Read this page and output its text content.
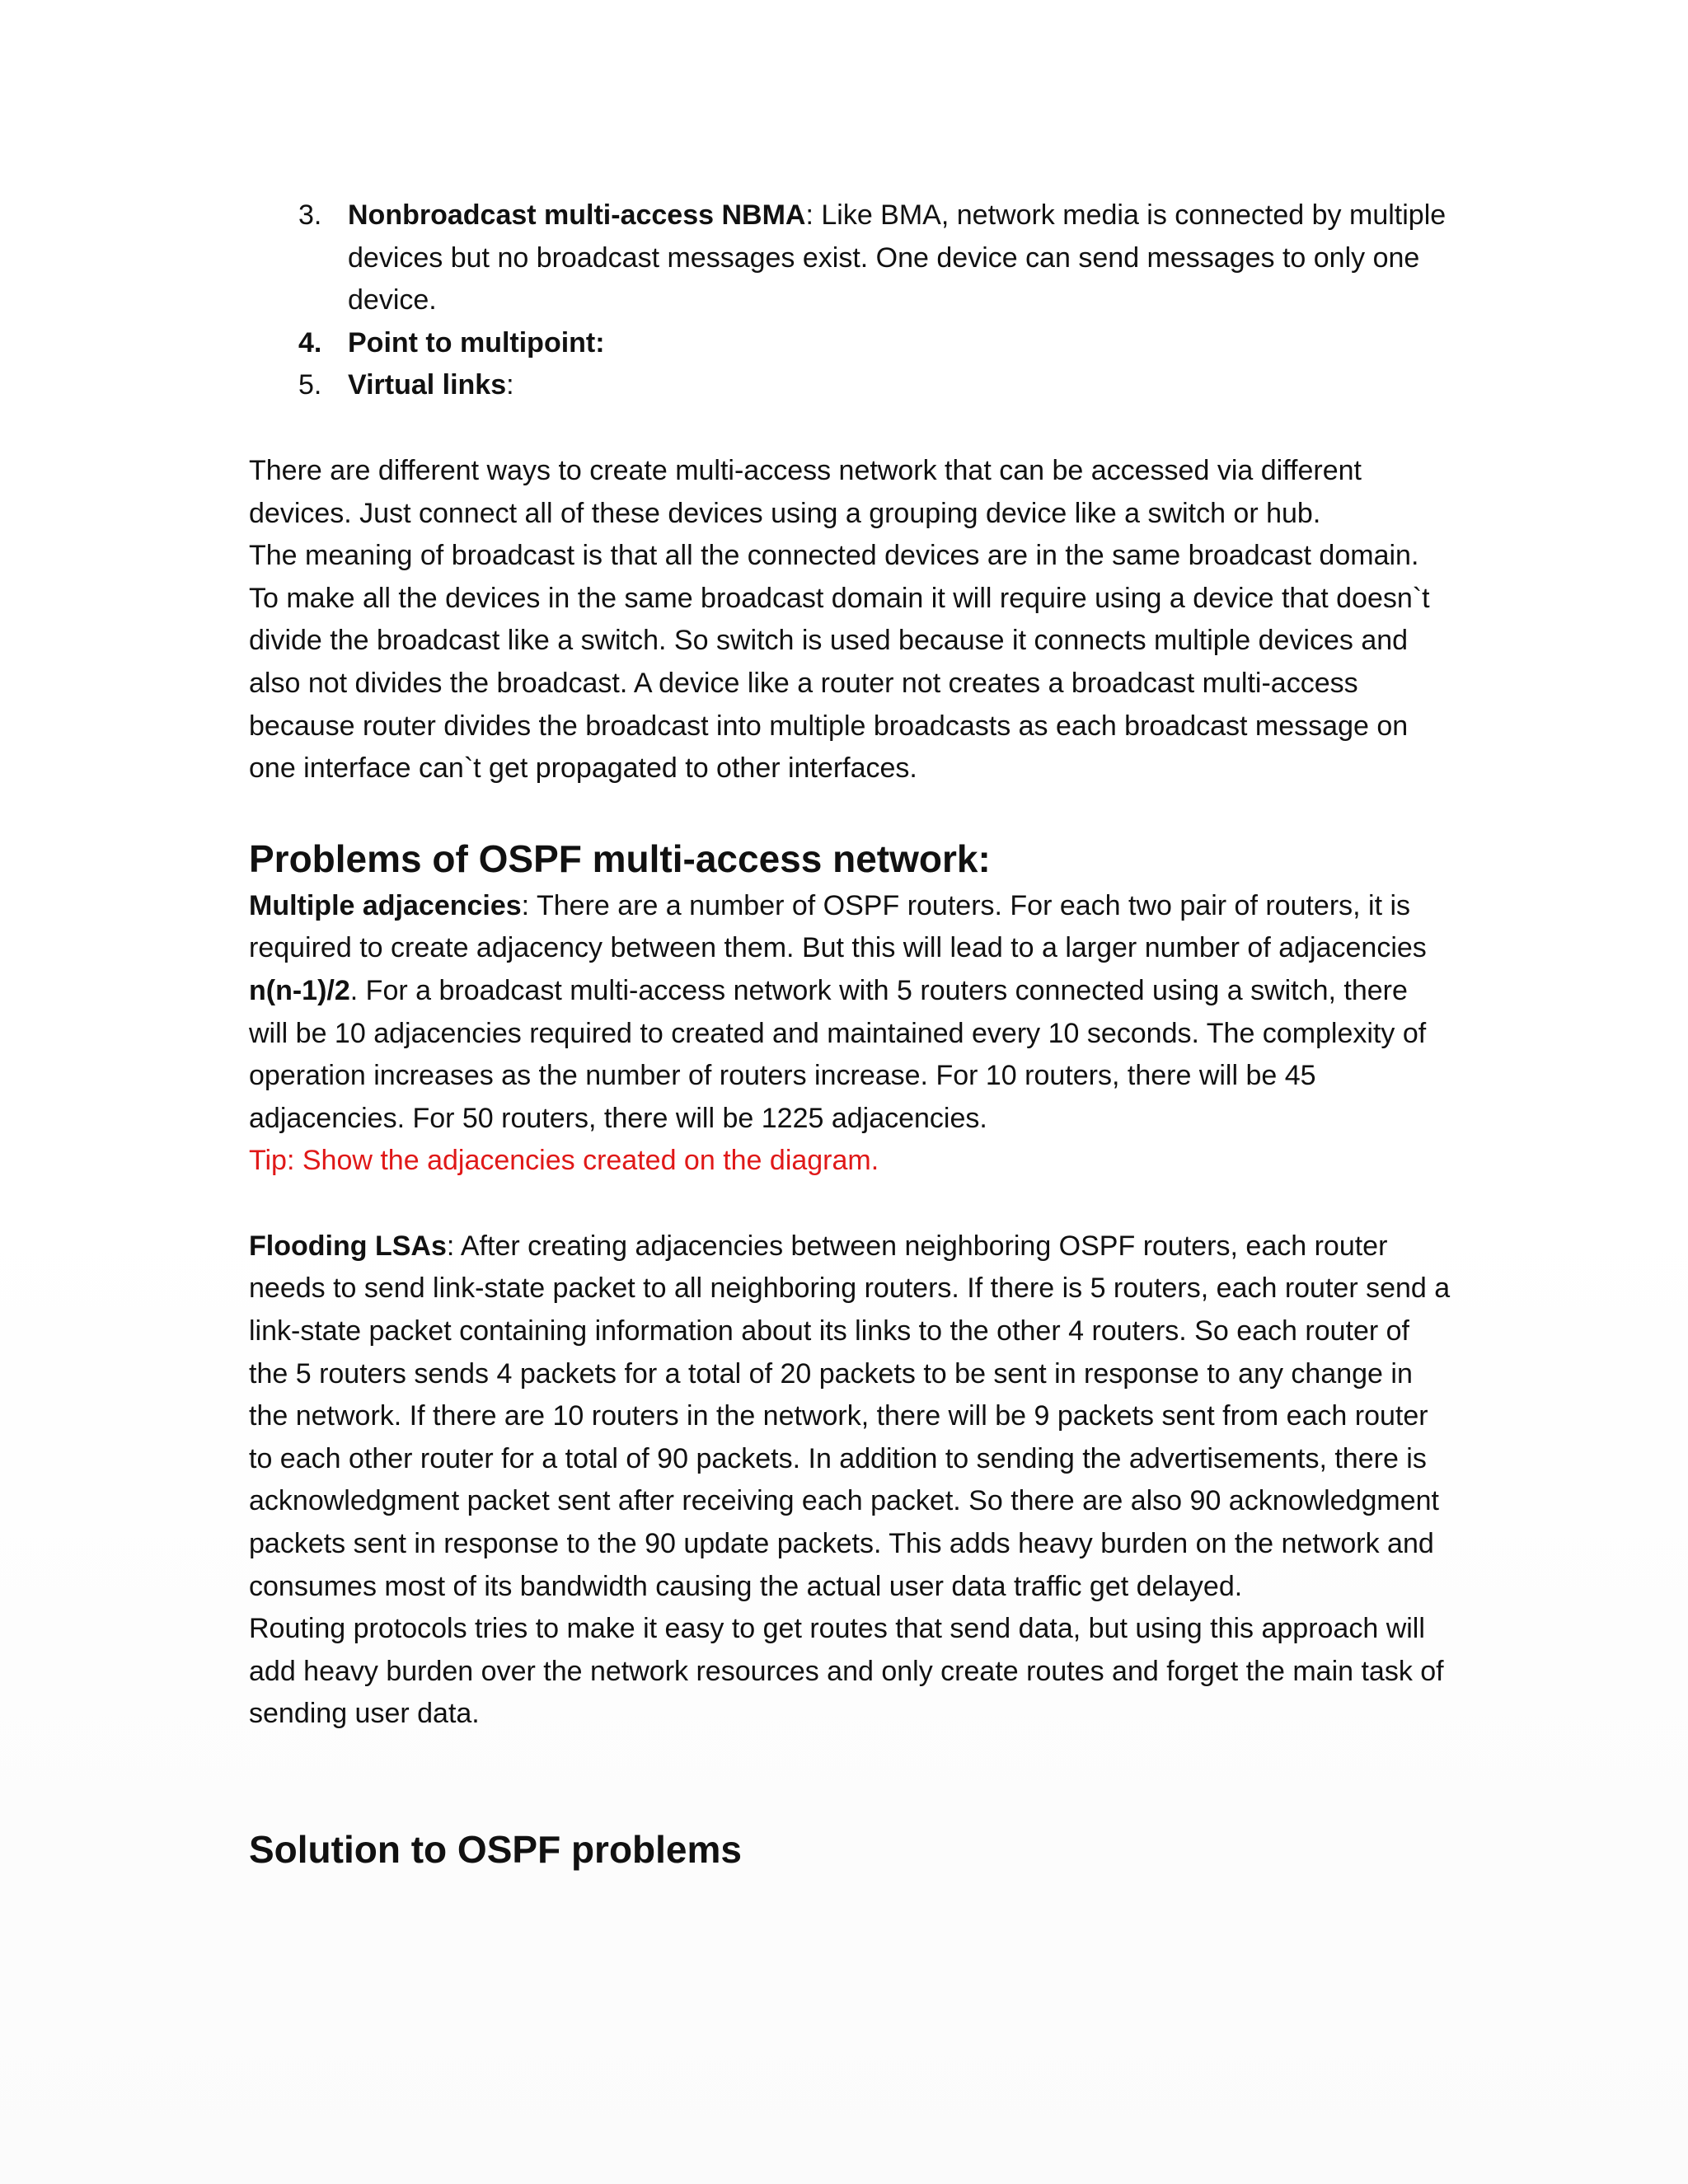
3. Nonbroadcast multi-access NBMA: Like BMA, network media is connected by multiple devices but no broadcast messages exist. One device can send messages to only one device.
4. Point to multipoint:
5. Virtual links:

There are different ways to create multi-access network that can be accessed via different devices. Just connect all of these devices using a grouping device like a switch or hub.

The meaning of broadcast is that all the connected devices are in the same broadcast domain. To make all the devices in the same broadcast domain it will require using a device that doesn`t divide the broadcast like a switch. So switch is used because it connects multiple devices and also not divides the broadcast. A device like a router not creates a broadcast multi-access because router divides the broadcast into multiple broadcasts as each broadcast message on one interface can`t get propagated to other interfaces.

Problems of OSPF multi-access network:

Multiple adjacencies: There are a number of OSPF routers. For each two pair of routers, it is required to create adjacency between them. But this will lead to a larger number of adjacencies n(n-1)/2. For a broadcast multi-access network with 5 routers connected using a switch, there will be 10 adjacencies required to created and maintained every 10 seconds. The complexity of operation increases as the number of routers increase. For 10 routers, there will be 45 adjacencies. For 50 routers, there will be 1225 adjacencies.

Tip: Show the adjacencies created on the diagram.

Flooding LSAs: After creating adjacencies between neighboring OSPF routers, each router needs to send link-state packet to all neighboring routers. If there is 5 routers, each router send a link-state packet containing information about its links to the other 4 routers. So each router of the 5 routers sends 4 packets for a total of 20 packets to be sent in response to any change in the network. If there are 10 routers in the network, there will be 9 packets sent from each router to each other router for a total of 90 packets. In addition to sending the advertisements, there is acknowledgment packet sent after receiving each packet. So there are also 90 acknowledgment packets sent in response to the 90 update packets. This adds heavy burden on the network and consumes most of its bandwidth causing the actual user data traffic get delayed.

Routing protocols tries to make it easy to get routes that send data, but using this approach will add heavy burden over the network resources and only create routes and forget the main task of sending user data.

Solution to OSPF problems
